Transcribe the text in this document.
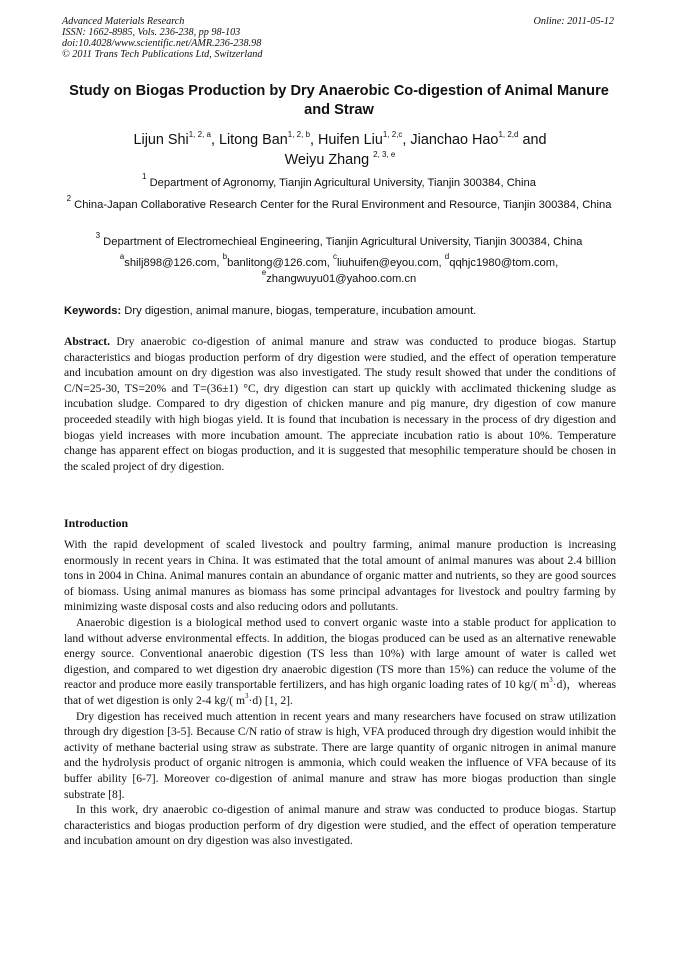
Advanced Materials Research
ISSN: 1662-8985, Vols. 236-238, pp 98-103
doi:10.4028/www.scientific.net/AMR.236-238.98
© 2011 Trans Tech Publications Ltd, Switzerland
Online: 2011-05-12
Study on Biogas Production by Dry Anaerobic Co-digestion of Animal Manure and Straw
Lijun Shi$^{1, 2, a}$, Litong Ban$^{1, 2, b}$, Huifen Liu$^{1, 2,c}$, Jianchao Hao$^{1, 2,d}$ and
Weiyu Zhang $^{2, 3, e}$
$^1$ Department of Agronomy, Tianjin Agricultural University, Tianjin 300384, China
$^2$ China-Japan Collaborative Research Center for the Rural Environment and Resource, Tianjin 300384, China
$^3$ Department of Electromechieal Engineering, Tianjin Agricultural University, Tianjin 300384, China
$^a$shilj898@126.com, $^b$banlitong@126.com, $^c$liuhuifen@eyou.com, $^d$qqhjc1980@tom.com,
$^e$zhangwuyu01@yahoo.com.cn
Keywords: Dry digestion, animal manure, biogas, temperature, incubation amount.
Abstract. Dry anaerobic co-digestion of animal manure and straw was conducted to produce biogas. Startup characteristics and biogas production perform of dry digestion were studied, and the effect of operation temperature and incubation amount on dry digestion was also investigated. The study result showed that under the conditions of C/N=25-30, TS=20% and T=(36±1) °C, dry digestion can start up quickly with acclimated thickening sludge as incubation sludge. Compared to dry digestion of chicken manure and pig manure, dry digestion of cow manure proceeded steadily with high biogas yield. It is found that incubation is necessary in the process of dry digestion and biogas yield increases with more incubation amount. The appreciate incubation ratio is about 10%. Temperature change has apparent effect on biogas production, and it is suggested that mesophilic temperature should be chosen in the scaled project of dry digestion.
Introduction

With the rapid development of scaled livestock and poultry farming, animal manure production is increasing enormously in recent years in China. It was estimated that the total amount of animal manures was about 2.4 billion tons in 2004 in China. Animal manures contain an abundance of organic matter and nutrients, so they are good sources of biomass. Using animal manures as biomass has some principal advantages for livestock and poultry farming by minimizing waste disposal costs and also reducing odors and pollutants.

Anaerobic digestion is a biological method used to convert organic waste into a stable product for application to land without adverse environmental effects. In addition, the biogas produced can be used as an alternative renewable energy source. Conventional anaerobic digestion (TS less than 10%) with large amount of water is called wet digestion, and compared to wet digestion dry anaerobic digestion (TS more than 15%) can reduce the volume of the reactor and produce more easily transportable fertilizers, and has high organic loading rates of 10 kg/( $m^3\cdot d$)，whereas that of wet digestion is only 2-4 kg/( $m^3\cdot d$) [1, 2].

Dry digestion has received much attention in recent years and many researchers have focused on straw utilization through dry digestion [3-5]. Because C/N ratio of straw is high, VFA produced through dry digestion would inhibit the activity of methane bacterial using straw as substrate. There are large quantity of organic nitrogen in animal manure and the hydrolysis product of organic nitrogen is ammonia, which could weaken the influence of VFA because of its buffer ability [6-7]. Moreover co-digestion of animal manure and straw has more biogas production than single substrate [8].

In this work, dry anaerobic co-digestion of animal manure and straw was conducted to produce biogas. Startup characteristics and biogas production perform of dry digestion were studied, and the effect of operation temperature and incubation amount on dry digestion was also investigated.
